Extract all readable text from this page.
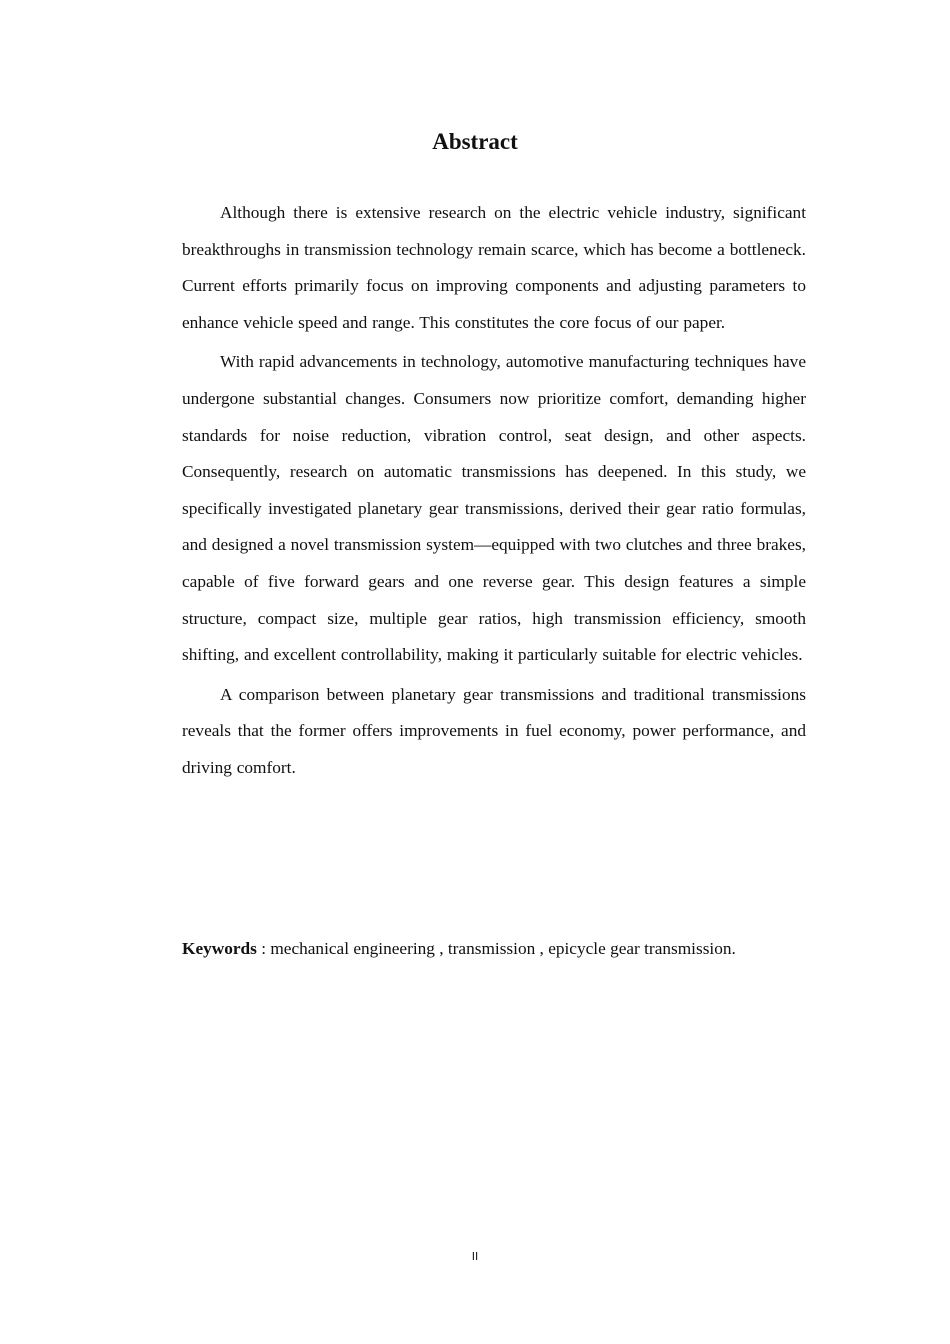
Abstract

Although there is extensive research on the electric vehicle industry, significant breakthroughs in transmission technology remain scarce, which has become a bottleneck. Current efforts primarily focus on improving components and adjusting parameters to enhance vehicle speed and range. This constitutes the core focus of our paper.

With rapid advancements in technology, automotive manufacturing techniques have undergone substantial changes. Consumers now prioritize comfort, demanding higher standards for noise reduction, vibration control, seat design, and other aspects. Consequently, research on automatic transmissions has deepened. In this study, we specifically investigated planetary gear transmissions, derived their gear ratio formulas, and designed a novel transmission system—equipped with two clutches and three brakes, capable of five forward gears and one reverse gear. This design features a simple structure, compact size, multiple gear ratios, high transmission efficiency, smooth shifting, and excellent controllability, making it particularly suitable for electric vehicles.

A comparison between planetary gear transmissions and traditional transmissions reveals that the former offers improvements in fuel economy, power performance, and driving comfort.

Keywords : mechanical engineering , transmission , epicycle gear transmission.
II
